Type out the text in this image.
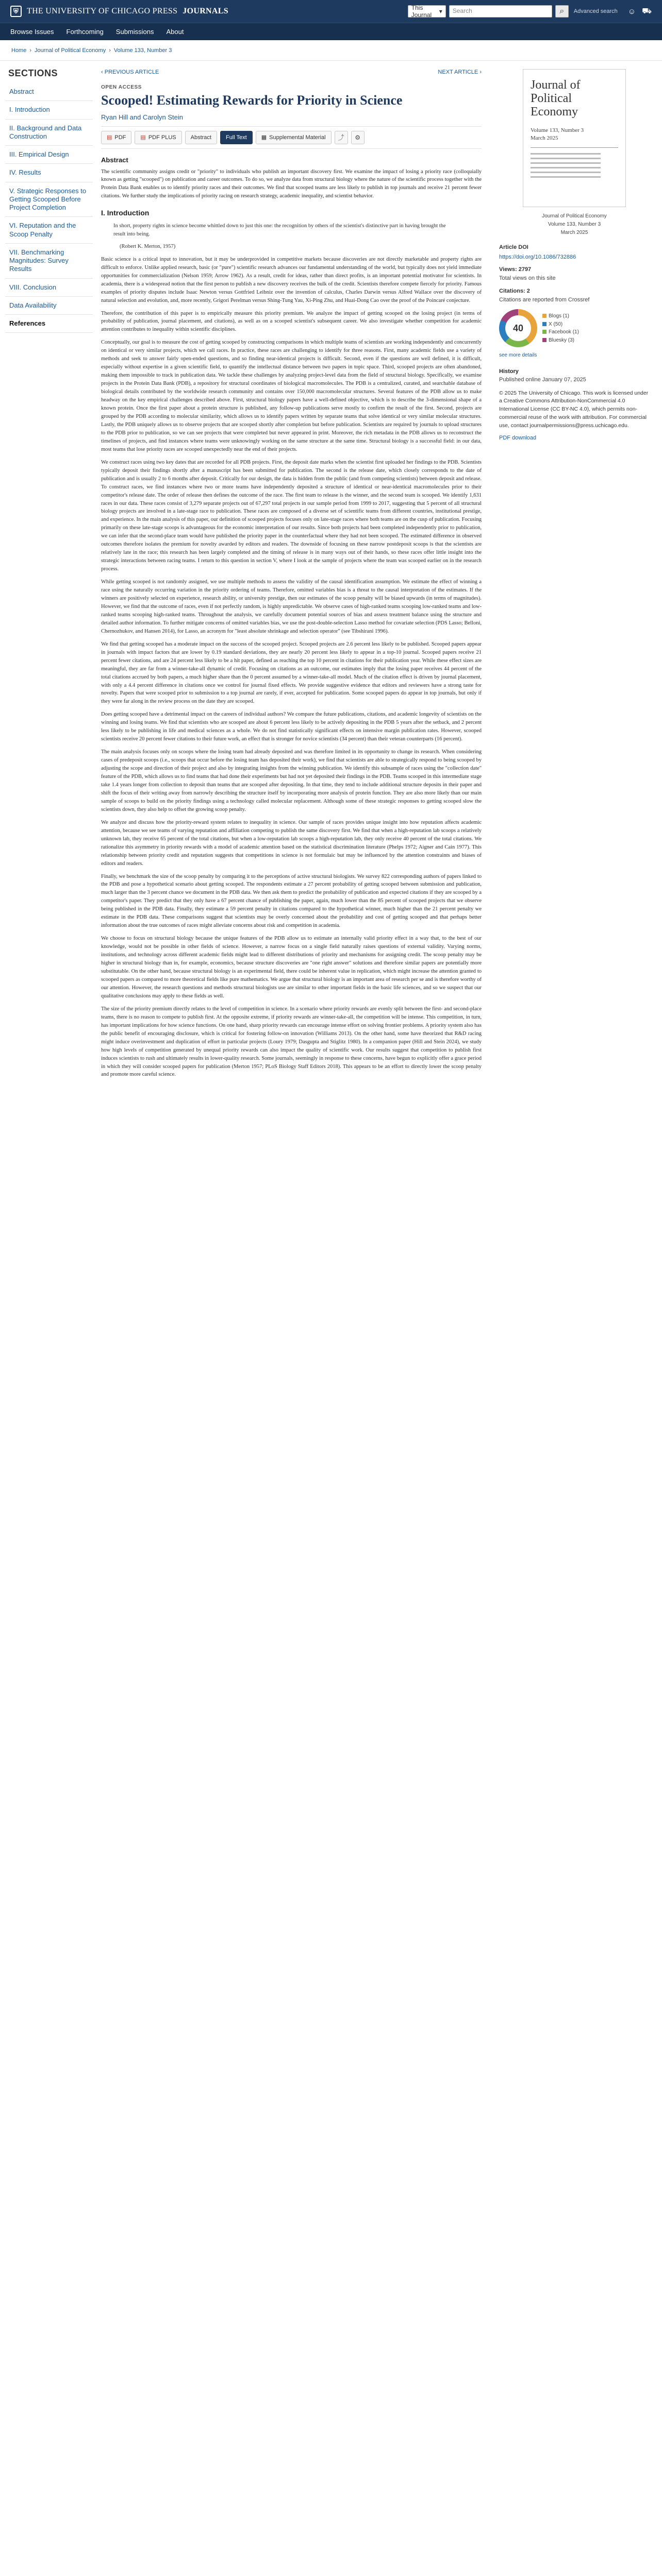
⛨ THE UNIVERSITY OF CHICAGO PRESS JOURNALS	This Journal	▾	Search	⌕	Advanced search ☺ ⛟
Browse Issues Forthcoming Submissions About
Home › Journal of Political Economy › Volume 133, Number 3
SECTIONS
Abstract
I. Introduction
II. Background and Data Construction
III. Empirical Design
IV. Results
V. Strategic Responses to Getting Scooped Before Project Completion
VI. Reputation and the Scoop Penalty
VII. Benchmarking Magnitudes: Survey Results
VIII. Conclusion
Data Availability
References
‹ PREVIOUS ARTICLE	NEXT ARTICLE ›
OPEN ACCESS
Scooped! Estimating Rewards for Priority in Science
Ryan Hill and Carolyn Stein
▤ PDF	▤ PDF PLUS	Abstract	Full Text	▦ Supplemental Material	⤴	⚙
Abstract

The scientific community assigns credit or "priority" to individuals who publish an important discovery first. We examine the impact of losing a priority race (colloquially known as getting "scooped") on publication and career outcomes. To do so, we analyze data from structural biology where the nature of the scientific process together with the Protein Data Bank enables us to identify priority races and their outcomes. We find that scooped teams are less likely to publish in top journals and receive 21 percent fewer citations. We further study the implications of priority racing on research strategy, academic inequality, and scientist behavior.

I. Introduction

In short, property rights in science become whittled down to just this one: the recognition by others of the scientist's distinctive part in having brought the result into being.

(Robert K. Merton, 1957)

Basic science is a critical input to innovation, but it may be underprovided in competitive markets because discoveries are not directly marketable and property rights are difficult to enforce. Unlike applied research, basic (or "pure") scientific research advances our fundamental understanding of the world, but typically does not yield immediate opportunities for commercialization (Nelson 1959; Arrow 1962). As a result, credit for ideas, rather than direct profits, is an important potential motivator for scientists. In academia, there is a widespread notion that the first person to publish a new discovery receives the bulk of the credit. Scientists therefore compete fiercely for priority. Famous examples of priority disputes include Isaac Newton versus Gottfried Leibniz over the invention of calculus, Charles Darwin versus Alfred Wallace over the discovery of natural selection and evolution, and, more recently, Grigori Perelman versus Shing-Tung Yau, Xi-Ping Zhu, and Huai-Dong Cao over the proof of the Poincaré conjecture.

Therefore, the contribution of this paper is to empirically measure this priority premium. We analyze the impact of getting scooped on the losing project (in terms of probability of publication, journal placement, and citations), as well as on a scooped scientist's subsequent career. We also investigate whether competition for academic attention contributes to inequality within scientific disciplines.

Conceptually, our goal is to measure the cost of getting scooped by constructing comparisons in which multiple teams of scientists are working independently and concurrently on identical or very similar projects, which we call races. In practice, these races are challenging to identify for three reasons. First, many academic fields use a variety of methods and seek to answer fairly open-ended questions, and so finding near-identical projects is difficult. Second, even if the questions are well defined, it is difficult, especially without expertise in a given scientific field, to quantify the intellectual distance between two papers in topic space. Third, scooped projects are often abandoned, making them impossible to track in publication data. We tackle these challenges by analyzing project-level data from the field of structural biology. Specifically, we examine projects in the Protein Data Bank (PDB), a repository for structural coordinates of biological macromolecules. The PDB is a centralized, curated, and searchable database of biological details contributed by the worldwide research community and contains over 150,000 macromolecular structures. Several features of the PDB allow us to make headway on the key empirical challenges described above. First, structural biology papers have a well-defined objective, which is to describe the 3-dimensional shape of a known protein. Once the first paper about a protein structure is published, any follow-up publications serve mostly to confirm the result of the first. Second, projects are grouped by the PDB according to molecular similarity, which allows us to identify papers written by separate teams that solve identical or very similar molecular structures. Lastly, the PDB uniquely allows us to observe projects that are scooped shortly after completion but before publication. Scientists are required by journals to upload structures to the PDB prior to publication, so we can see projects that were completed but never appeared in print. Moreover, the rich metadata in the PDB allows us to reconstruct the timelines of projects, and find instances where teams were unknowingly working on the same structure at the same time. Structural biology is a successful field: in our data, most teams that lose priority races are scooped unexpectedly near the end of their projects.

We construct races using two key dates that are recorded for all PDB projects. First, the deposit date marks when the scientist first uploaded her findings to the PDB. Scientists typically deposit their findings shortly after a manuscript has been submitted for publication. The second is the release date, which closely corresponds to the date of publication and is usually 2 to 6 months after deposit. Critically for our design, the data is hidden from the public (and from competing scientists) between deposit and release. To construct races, we find instances where two or more teams have independently deposited a structure of identical or near-identical macromolecules prior to their competitor's release date. The order of release then defines the outcome of the race. The first team to release is the winner, and the second team is scooped. We identify 1,631 races in our data. These races consist of 3,279 separate projects out of 67,297 total projects in our sample period from 1999 to 2017, suggesting that 5 percent of all structural biology projects are involved in a late-stage race to publication. These races are composed of a diverse set of scientific teams from different countries, institutional prestige, and experience. In the main analysis of this paper, our definition of scooped projects focuses only on late-stage races where both teams are on the cusp of publication. Focusing primarily on these late-stage scoops is advantageous for the economic interpretation of our results. Since both projects had been completed independently prior to publication, we can infer that the second-place team would have published the priority paper in the counterfactual where they had not been scooped. The estimated difference in observed outcomes therefore isolates the premium for novelty awarded by editors and readers. The downside of focusing on these narrow postdeposit scoops is that the scientists are relatively late in the race; this research has been largely completed and the timing of release is in many ways out of their hands, so these races offer little insight into the strategic interactions between racing teams. I return to this question in section V, where I look at the sample of projects where the team was scooped earlier on in the research process.

While getting scooped is not randomly assigned, we use multiple methods to assess the validity of the causal identification assumption. We estimate the effect of winning a race using the naturally occurring variation in the priority ordering of teams. Therefore, omitted variables bias is a threat to the causal interpretation of the estimates. If the winners are positively selected on experience, research ability, or university prestige, then our estimates of the scoop penalty will be biased upwards (in terms of magnitudes). However, we find that the outcome of races, even if not perfectly random, is highly unpredictable. We observe cases of high-ranked teams scooping low-ranked teams and low-ranked teams scooping high-ranked teams. Throughout the analysis, we carefully document potential sources of bias and assess treatment balance using the structure and detailed author information. To further mitigate concerns of omitted variables bias, we use the post-double-selection Lasso method for covariate selection (PDS Lasso; Belloni, Chernozhukov, and Hansen 2014), for Lasso, an acronym for "least absolute shrinkage and selection operator" (see Tibshirani 1996).

We find that getting scooped has a moderate impact on the success of the scooped project. Scooped projects are 2.6 percent less likely to be published. Scooped papers appear in journals with impact factors that are lower by 0.19 standard deviations, they are nearly 20 percent less likely to appear in a top-10 journal. Scooped papers receive 21 percent fewer citations, and are 24 percent less likely to be a hit paper, defined as reaching the top 10 percent in citations for their publication year. While these effect sizes are meaningful, they are far from a winner-take-all dynamic of credit. Focusing on citations as an outcome, our estimates imply that the losing paper receives 44 percent of the total citations accrued by both papers, a much higher share than the 0 percent assumed by a winner-take-all model. Much of the citation effect is driven by journal placement, with only a 4.4 percent difference in citations once we control for journal fixed effects. We provide suggestive evidence that editors and reviewers have a strong taste for novelty. Papers that were scooped prior to submission to a top journal are rarely, if ever, accepted for publication. Some scooped papers do appear in top journals, but only if they were far along in the review process on the date they are scooped.

Does getting scooped have a detrimental impact on the careers of individual authors? We compare the future publications, citations, and academic longevity of scientists on the winning and losing teams. We find that scientists who are scooped are about 6 percent less likely to be actively depositing in the PDB 5 years after the setback, and 2 percent less likely to be publishing in life and medical sciences as a whole. We do not find statistically significant effects on intensive margin publication rates. However, scooped scientists receive 20 percent fewer citations to their future work, an effect that is stronger for novice scientists (34 percent) than their veteran counterparts (16 percent).

The main analysis focuses only on scoops where the losing team had already deposited and was therefore limited in its opportunity to change its research. When considering cases of predeposit scoops (i.e., scoops that occur before the losing team has deposited their work), we find that scientists are able to strategically respond to being scooped by adjusting the scope and direction of their project and also by integrating insights from the winning publication. We identify this subsample of races using the "collection date" feature of the PDB, which allows us to find teams that had done their experiments but had not yet deposited their findings in the PDB. Teams scooped in this intermediate stage take 1.4 years longer from collection to deposit than teams that are scooped after depositing. In that time, they tend to include additional structure deposits in their paper and shift the focus of their writing away from narrowly describing the structure itself by incorporating more analysis of protein function. They are also more likely than our main sample of scoops to build on the priority findings using a technology called molecular replacement. Although some of these strategic responses to getting scooped slow the scientists down, they also help to offset the growing scoop penalty.

We analyze and discuss how the priority-reward system relates to inequality in science. Our sample of races provides unique insight into how reputation affects academic attention, because we see teams of varying reputation and affiliation competing to publish the same discovery first. We find that when a high-reputation lab scoops a relatively unknown lab, they receive 65 percent of the total citations, but when a low-reputation lab scoops a high-reputation lab, they only receive 40 percent of the total citations. We rationalize this asymmetry in priority rewards with a model of academic attention based on the statistical discrimination literature (Phelps 1972; Aigner and Cain 1977). This relationship between priority credit and reputation suggests that competitions in science is not formulaic but may be influenced by the attention constraints and biases of editors and readers.

Finally, we benchmark the size of the scoop penalty by comparing it to the perceptions of active structural biologists. We survey 822 corresponding authors of papers linked to the PDB and pose a hypothetical scenario about getting scooped. The respondents estimate a 27 percent probability of getting scooped between submission and publication, much larger than the 3 percent chance we document in the PDB data. We then ask them to predict the probability of publication and expected citations if they are scooped by a competitor's paper. They predict that they only have a 67 percent chance of publishing the paper, again, much lower than the 85 percent of scooped projects that we observe being published in the PDB data. Finally, they estimate a 59 percent penalty in citations compared to the hypothetical winner, much higher than the 21 percent penalty we estimate in the PDB data. These comparisons suggest that scientists may be overly concerned about the probability and cost of getting scooped and that perhaps better information about the true outcomes of races might alleviate concerns about risk and competition in academia.

We choose to focus on structural biology because the unique features of the PDB allow us to estimate an internally valid priority effect in a way that, to the best of our knowledge, would not be possible in other fields of science. However, a narrow focus on a single field naturally raises questions of external validity. Varying norms, institutions, and technology across different academic fields might lead to different distributions of priority and mechanisms for assigning credit. The scoop penalty may be higher in structural biology than in, for example, economics, because structure discoveries are "one right answer" solutions and therefore similar papers are potentially more substitutable. On the other hand, because structural biology is an experimental field, there could be inherent value in replication, which might increase the attention granted to scooped papers as compared to more theoretical fields like pure mathematics. We argue that structural biology is an important area of research per se and is therefore worthy of our attention. However, the research questions and methods structural biologists use are similar to other important fields in the basic life sciences, and so we suspect that our qualitative conclusions may apply to these fields as well.

The size of the priority premium directly relates to the level of competition in science. In a scenario where priority rewards are evenly split between the first- and second-place teams, there is no reason to compete to publish first. At the opposite extreme, if priority rewards are winner-take-all, the competition will be intense. This competition, in turn, has important implications for how science functions. On one hand, sharp priority rewards can encourage intense effort on solving frontier problems. A priority system also has the public benefit of encouraging disclosure, which is critical for fostering follow-on innovation (Williams 2013). On the other hand, some have theorized that R&D racing might induce overinvestment and duplication of effort in particular projects (Loury 1979; Dasgupta and Stiglitz 1980). In a companion paper (Hill and Stein 2024), we study how high levels of competition generated by unequal priority rewards can also impact the quality of scientific work. Our results suggest that competition to publish first induces scientists to rush and ultimately results in lower-quality research. Some journals, seemingly in response to these concerns, have begun to explicitly offer a grace period in which they will consider scooped papers for publication (Merton 1957; PLoS Biology Staff Editors 2018). This appears to be an effort to directly lower the scoop penalty and promote more careful science.

Journal of Political Economy
Volume 133, Number 3
March 2025
Journal of Political Economy
Volume 133, Number 3
March 2025
Article DOI
https://doi.org/10.1086/732886
Views: 2797
Total views on this site
Citations: 2
Citations are reported from Crossref
40
Blogs (1)
X (50)
Facebook (1)
Bluesky (3)
see more details
History
Published online January 07, 2025

© 2025 The University of Chicago. This work is licensed under a Creative Commons Attribution-NonCommercial 4.0 International License (CC BY-NC 4.0), which permits non-commercial reuse of the work with attribution. For commercial use, contact journalpermissions@press.uchicago.edu.

PDF download
